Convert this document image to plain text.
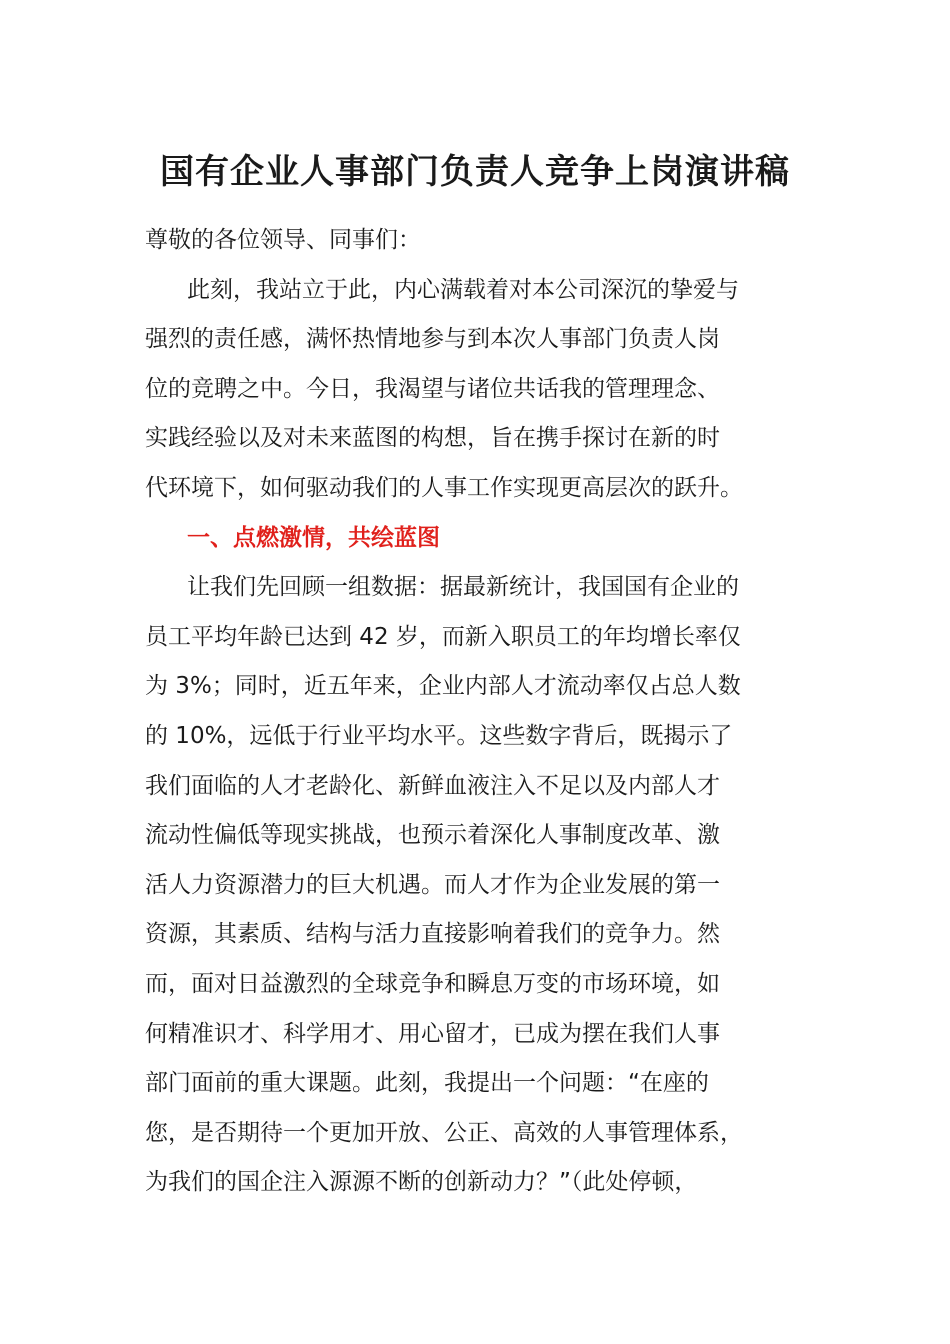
国有企业人事部门负责人竞争上岗演讲稿
尊敬的各位领导、同事们：
此刻，我站立于此，内心满载着对本公司深沉的挚爱与
强烈的责任感，满怀热情地参与到本次人事部门负责人岗
位的竞聘之中。今日，我渴望与诸位共话我的管理理念、
实践经验以及对未来蓝图的构想，旨在携手探讨在新的时
代环境下，如何驱动我们的人事工作实现更高层次的跃升。
一、点燃激情，共绘蓝图
让我们先回顾一组数据：据最新统计，我国国有企业的
员工平均年龄已达到 42 岁，而新入职员工的年均增长率仅
为 3%；同时，近五年来，企业内部人才流动率仅占总人数
的 10%，远低于行业平均水平。这些数字背后，既揭示了
我们面临的人才老龄化、新鲜血液注入不足以及内部人才
流动性偏低等现实挑战，也预示着深化人事制度改革、激
活人力资源潜力的巨大机遇。而人才作为企业发展的第一
资源，其素质、结构与活力直接影响着我们的竞争力。然
而，面对日益激烈的全球竞争和瞬息万变的市场环境，如
何精准识才、科学用才、用心留才，已成为摆在我们人事
部门面前的重大课题。此刻，我提出一个问题：“在座的
您，是否期待一个更加开放、公正、高效的人事管理体系，
为我们的国企注入源源不断的创新动力？”（此处停顿，
